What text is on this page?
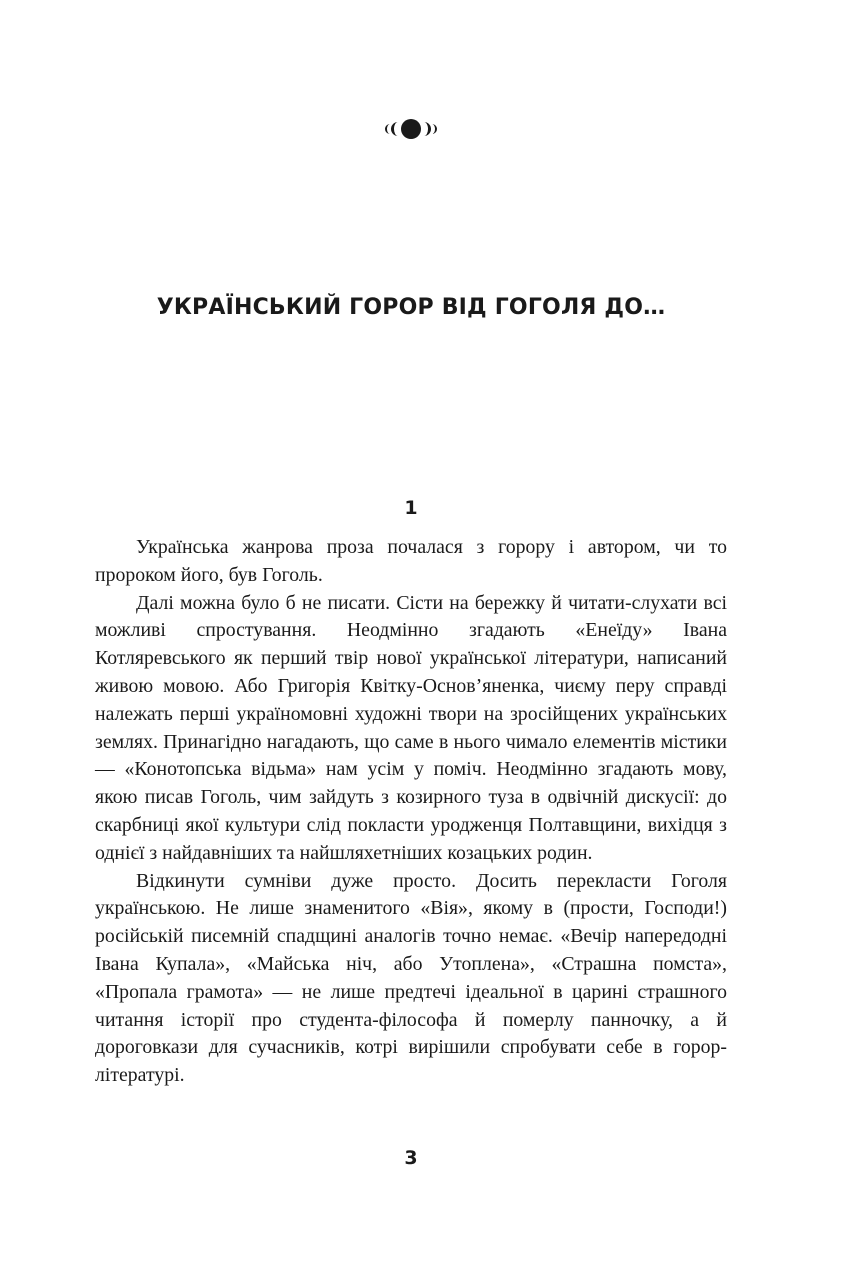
УКРАЇНСЬКИЙ ГОРОР ВІД ГОГОЛЯ ДО…
1

Українська жанрова проза почалася з горору і автором, чи то пророком його, був Гоголь.

Далі можна було б не писати. Сісти на бережку й читати-слухати всі можливі спростування. Неодмінно згадають «Енеїду» Івана Котляревського як перший твір нової української літератури, написаний живою мовою. Або Григорія Квітку-Основ’яненка, чиєму перу справді належать перші україномовні художні твори на зросійщених українських землях. Принагідно нагадають, що саме в нього чимало елементів містики — «Конотопська відьма» нам усім у поміч. Неодмінно згадають мову, якою писав Гоголь, чим зайдуть з козирного туза в одвічній дискусії: до скарбниці якої культури слід покласти уродженця Полтавщини, вихідця з однієї з найдавніших та найшляхетніших козацьких родин.

Відкинути сумніви дуже просто. Досить перекласти Гоголя українською. Не лише знаменитого «Вія», якому в (прости, Господи!) російській писемній спадщині аналогів точно немає. «Вечір напередодні Івана Купала», «Майська ніч, або Утоплена», «Страшна помста», «Пропала грамота» — не лише предтечі ідеальної в царині страшного читання історії про студента-філософа й померлу панночку, а й дороговкази для сучасників, котрі вирішили спробувати себе в горор-літературі.

3
